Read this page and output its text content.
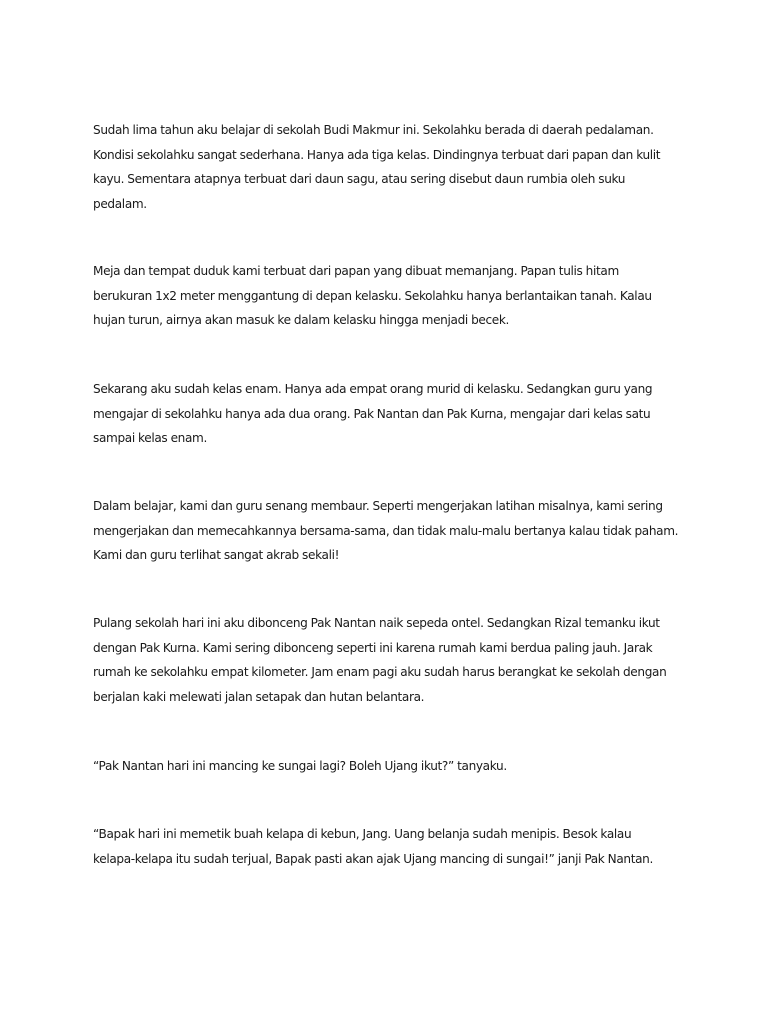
Sudah lima tahun aku belajar di sekolah Budi Makmur ini. Sekolahku berada di daerah pedalaman.
Kondisi sekolahku sangat sederhana. Hanya ada tiga kelas. Dindingnya terbuat dari papan dan kulit
kayu. Sementara atapnya terbuat dari daun sagu, atau sering disebut daun rumbia oleh suku
pedalam.

Meja dan tempat duduk kami terbuat dari papan yang dibuat memanjang. Papan tulis hitam
berukuran 1x2 meter menggantung di depan kelasku. Sekolahku hanya berlantaikan tanah. Kalau
hujan turun, airnya akan masuk ke dalam kelasku hingga menjadi becek.

Sekarang aku sudah kelas enam. Hanya ada empat orang murid di kelasku. Sedangkan guru yang
mengajar di sekolahku hanya ada dua orang. Pak Nantan dan Pak Kurna, mengajar dari kelas satu
sampai kelas enam.

Dalam belajar, kami dan guru senang membaur. Seperti mengerjakan latihan misalnya, kami sering
mengerjakan dan memecahkannya bersama-sama, dan tidak malu-malu bertanya kalau tidak paham.
Kami dan guru terlihat sangat akrab sekali!

Pulang sekolah hari ini aku dibonceng Pak Nantan naik sepeda ontel. Sedangkan Rizal temanku ikut
dengan Pak Kurna. Kami sering dibonceng seperti ini karena rumah kami berdua paling jauh. Jarak
rumah ke sekolahku empat kilometer. Jam enam pagi aku sudah harus berangkat ke sekolah dengan
berjalan kaki melewati jalan setapak dan hutan belantara.

“Pak Nantan hari ini mancing ke sungai lagi? Boleh Ujang ikut?” tanyaku.

“Bapak hari ini memetik buah kelapa di kebun, Jang. Uang belanja sudah menipis. Besok kalau
kelapa-kelapa itu sudah terjual, Bapak pasti akan ajak Ujang mancing di sungai!” janji Pak Nantan.
